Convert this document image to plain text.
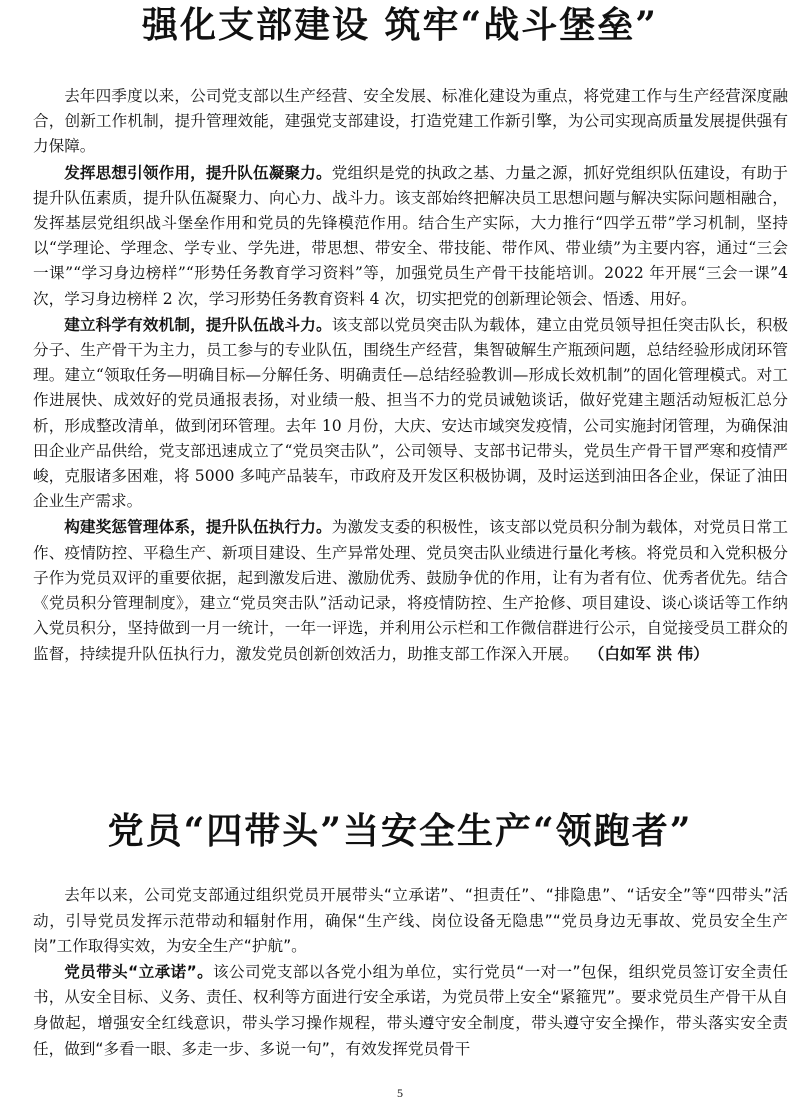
强化支部建设 筑牢“战斗堡垒”

去年四季度以来，公司党支部以生产经营、安全发展、标准化建设为重点，将党建工作与生产经营深度融合，创新工作机制，提升管理效能，建强党支部建设，打造党建工作新引擎，为公司实现高质量发展提供强有力保障。

发挥思想引领作用，提升队伍凝聚力。党组织是党的执政之基、力量之源，抓好党组织队伍建设，有助于提升队伍素质，提升队伍凝聚力、向心力、战斗力。该支部始终把解决员工思想问题与解决实际问题相融合，发挥基层党组织战斗堡垒作用和党员的先锋模范作用。结合生产实际，大力推行“四学五带”学习机制，坚持以“学理论、学理念、学专业、学先进，带思想、带安全、带技能、带作风、带业绩”为主要内容，通过“三会一课”“学习身边榜样”“形势任务教育学习资料”等，加强党员生产骨干技能培训。2022 年开展“三会一课”4 次，学习身边榜样 2 次，学习形势任务教育资料 4 次，切实把党的创新理论领会、悟透、用好。

建立科学有效机制，提升队伍战斗力。该支部以党员突击队为载体，建立由党员领导担任突击队长，积极分子、生产骨干为主力，员工参与的专业队伍，围绕生产经营，集智破解生产瓶颈问题，总结经验形成闭环管理。建立“领取任务—明确目标—分解任务、明确责任—总结经验教训—形成长效机制”的固化管理模式。对工作进展快、成效好的党员通报表扬，对业绩一般、担当不力的党员诫勉谈话，做好党建主题活动短板汇总分析，形成整改清单，做到闭环管理。去年 10 月份，大庆、安达市域突发疫情，公司实施封闭管理，为确保油田企业产品供给，党支部迅速成立了“党员突击队”，公司领导、支部书记带头，党员生产骨干冒严寒和疫情严峻，克服诸多困难，将 5000 多吨产品装车，市政府及开发区积极协调，及时运送到油田各企业，保证了油田企业生产需求。

构建奖惩管理体系，提升队伍执行力。为激发支委的积极性，该支部以党员积分制为载体，对党员日常工作、疫情防控、平稳生产、新项目建设、生产异常处理、党员突击队业绩进行量化考核。将党员和入党积极分子作为党员双评的重要依据，起到激发后进、激励优秀、鼓励争优的作用，让有为者有位、优秀者优先。结合《党员积分管理制度》，建立“党员突击队”活动记录，将疫情防控、生产抢修、项目建设、谈心谈话等工作纳入党员积分，坚持做到一月一统计，一年一评选，并利用公示栏和工作微信群进行公示，自觉接受员工群众的监督，持续提升队伍执行力，激发党员创新创效活力，助推支部工作深入开展。 （白如军 洪 伟）

党员“四带头”当安全生产“领跑者”

去年以来，公司党支部通过组织党员开展带头“立承诺”、“担责任”、“排隐患”、“话安全”等“四带头”活动，引导党员发挥示范带动和辐射作用，确保“生产线、岗位设备无隐患”“党员身边无事故、党员安全生产岗”工作取得实效，为安全生产“护航”。

党员带头“立承诺”。该公司党支部以各党小组为单位，实行党员“一对一”包保，组织党员签订安全责任书，从安全目标、义务、责任、权利等方面进行安全承诺，为党员带上安全“紧箍咒”。要求党员生产骨干从自身做起，增强安全红线意识，带头学习操作规程，带头遵守安全制度，带头遵守安全操作，带头落实安全责任，做到“多看一眼、多走一步、多说一句”，有效发挥党员骨干

5
